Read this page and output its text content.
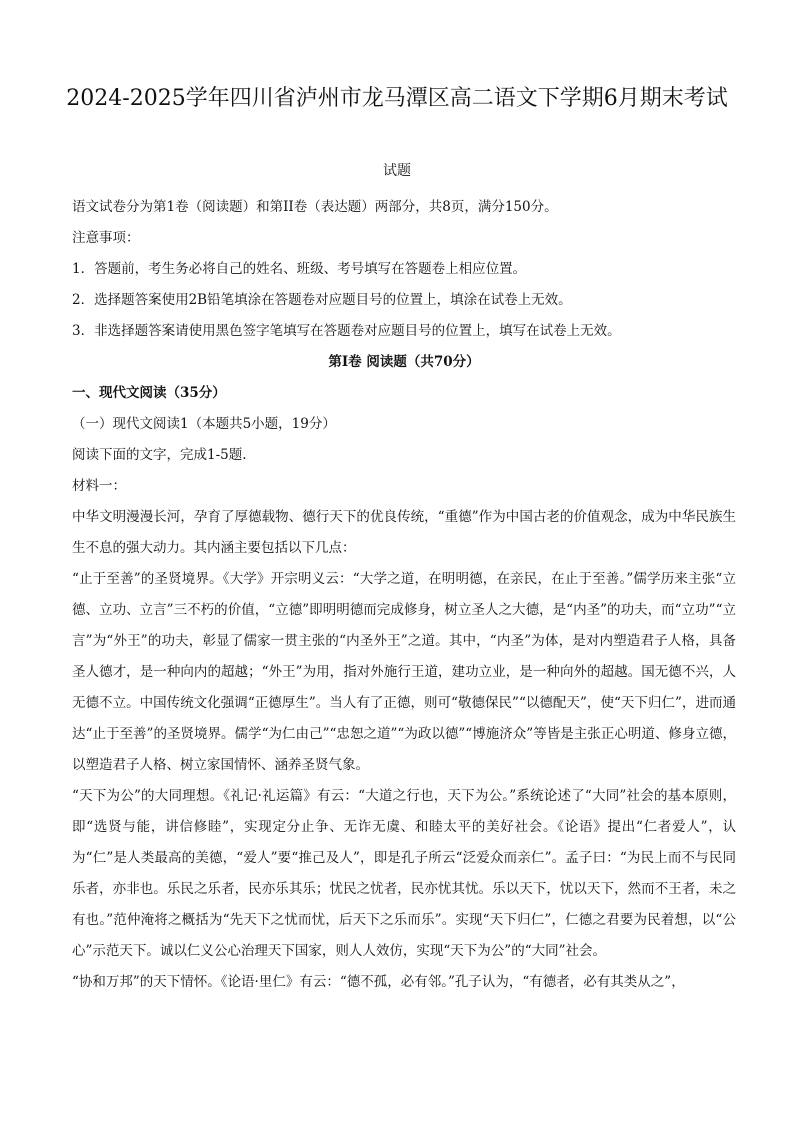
2024-2025学年四川省泸州市龙马潭区高二语文下学期6月期末考试
试题

语文试卷分为第1卷（阅读题）和第II卷（表达题）两部分，共8页，满分150分。

注意事项：

1．答题前，考生务必将自己的姓名、班级、考号填写在答题卷上相应位置。

2．选择题答案使用2B铅笔填涂在答题卷对应题目号的位置上，填涂在试卷上无效。

3．非选择题答案请使用黑色签字笔填写在答题卷对应题目号的位置上，填写在试卷上无效。

第I卷 阅读题（共70分）

一、现代文阅读（35分）

（一）现代文阅读1（本题共5小题，19分）

阅读下面的文字，完成1-5题.

材料一：

中华文明漫漫长河，孕育了厚德载物、德行天下的优良传统，“重德”作为中国古老的价值观念，成为中华民族生生不息的强大动力。其内涵主要包括以下几点：

“止于至善”的圣贤境界。《大学》开宗明义云：“大学之道，在明明德，在亲民，在止于至善。”儒学历来主张“立德、立功、立言”三不朽的价值，“立德”即明明德而完成修身，树立圣人之大德，是“内圣”的功夫，而“立功”“立言”为“外王”的功夫，彰显了儒家一贯主张的“内圣外王”之道。其中，“内圣”为体，是对内塑造君子人格，具备圣人德才，是一种向内的超越；“外王”为用，指对外施行王道，建功立业，是一种向外的超越。国无德不兴，人无德不立。中国传统文化强调“正德厚生”。当人有了正德，则可“敬德保民”“以德配天”，使“天下归仁”，进而通达“止于至善”的圣贤境界。儒学“为仁由己”“忠恕之道”“为政以德”“博施济众”等皆是主张正心明道、修身立德，以塑造君子人格、树立家国情怀、涵养圣贤气象。

“天下为公”的大同理想。《礼记·礼运篇》有云：“大道之行也，天下为公。”系统论述了“大同”社会的基本原则，即“选贤与能，讲信修睦”，实现定分止争、无诈无虞、和睦太平的美好社会。《论语》提出“仁者爱人”，认为“仁”是人类最高的美德，“爱人”要“推己及人”，即是孔子所云“泛爱众而亲仁”。孟子曰：“为民上而不与民同乐者，亦非也。乐民之乐者，民亦乐其乐；忧民之忧者，民亦忧其忧。乐以天下，忧以天下，然而不王者，未之有也。”范仲淹将之概括为“先天下之忧而忧，后天下之乐而乐”。实现“天下归仁”，仁德之君要为民着想，以“公心”示范天下。诚以仁义公心治理天下国家，则人人效仿，实现“天下为公”的“大同”社会。

“协和万邦”的天下情怀。《论语·里仁》有云：“德不孤，必有邻。”孔子认为，“有德者，必有其类从之”，
